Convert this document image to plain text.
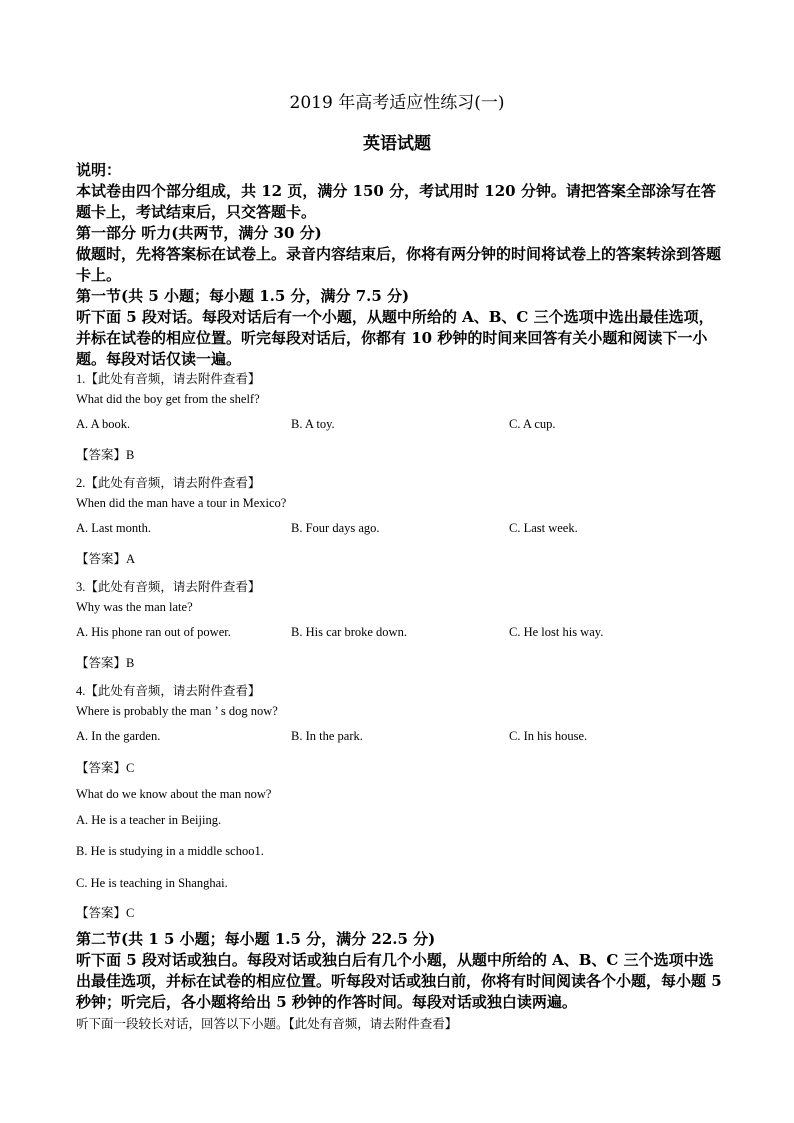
2019 年高考适应性练习(一)
英语试题
说明：
本试卷由四个部分组成，共 12 页，满分 150 分，考试用时 120 分钟。请把答案全部涂写在答题卡上，考试结束后，只交答题卡。
第一部分 听力(共两节，满分 30 分)
做题时，先将答案标在试卷上。录音内容结束后，你将有两分钟的时间将试卷上的答案转涂到答题卡上。
第一节(共 5 小题；每小题 1.5 分，满分 7.5 分)
听下面 5 段对话。每段对话后有一个小题，从题中所给的 A、B、C 三个选项中选出最佳选项，并标在试卷的相应位置。听完每段对话后，你都有 10 秒钟的时间来回答有关小题和阅读下一小题。每段对话仅读一遍。
1.【此处有音频，请去附件查看】
What did the boy get from the shelf?
A. A book.	B. A toy.	C. A cup.
【答案】B
2.【此处有音频，请去附件查看】
When did the man have a tour in Mexico?
A. Last month.	B. Four days ago.	C. Last week.
【答案】A
3.【此处有音频，请去附件查看】
Why was the man late?
A. His phone ran out of power.	B. His car broke down.	C. He lost his way.
【答案】B
4.【此处有音频，请去附件查看】
Where is probably the man ’ s dog now?
A. In the garden.	B. In the park.	C. In his house.
【答案】C
What do we know about the man now?
A. He is a teacher in Beijing.
B. He is studying in a middle schoo1.
C. He is teaching in Shanghai.
【答案】C
第二节(共 1 5 小题；每小题 1.5 分，满分 22.5 分)
听下面 5 段对话或独白。每段对话或独白后有几个小题，从题中所给的 A、B、C 三个选项中选出最佳选项，并标在试卷的相应位置。听每段对话或独白前，你将有时间阅读各个小题，每小题 5 秒钟；听完后，各小题将给出 5 秒钟的作答时间。每段对话或独白读两遍。
听下面一段较长对话，回答以下小题。【此处有音频，请去附件查看】
